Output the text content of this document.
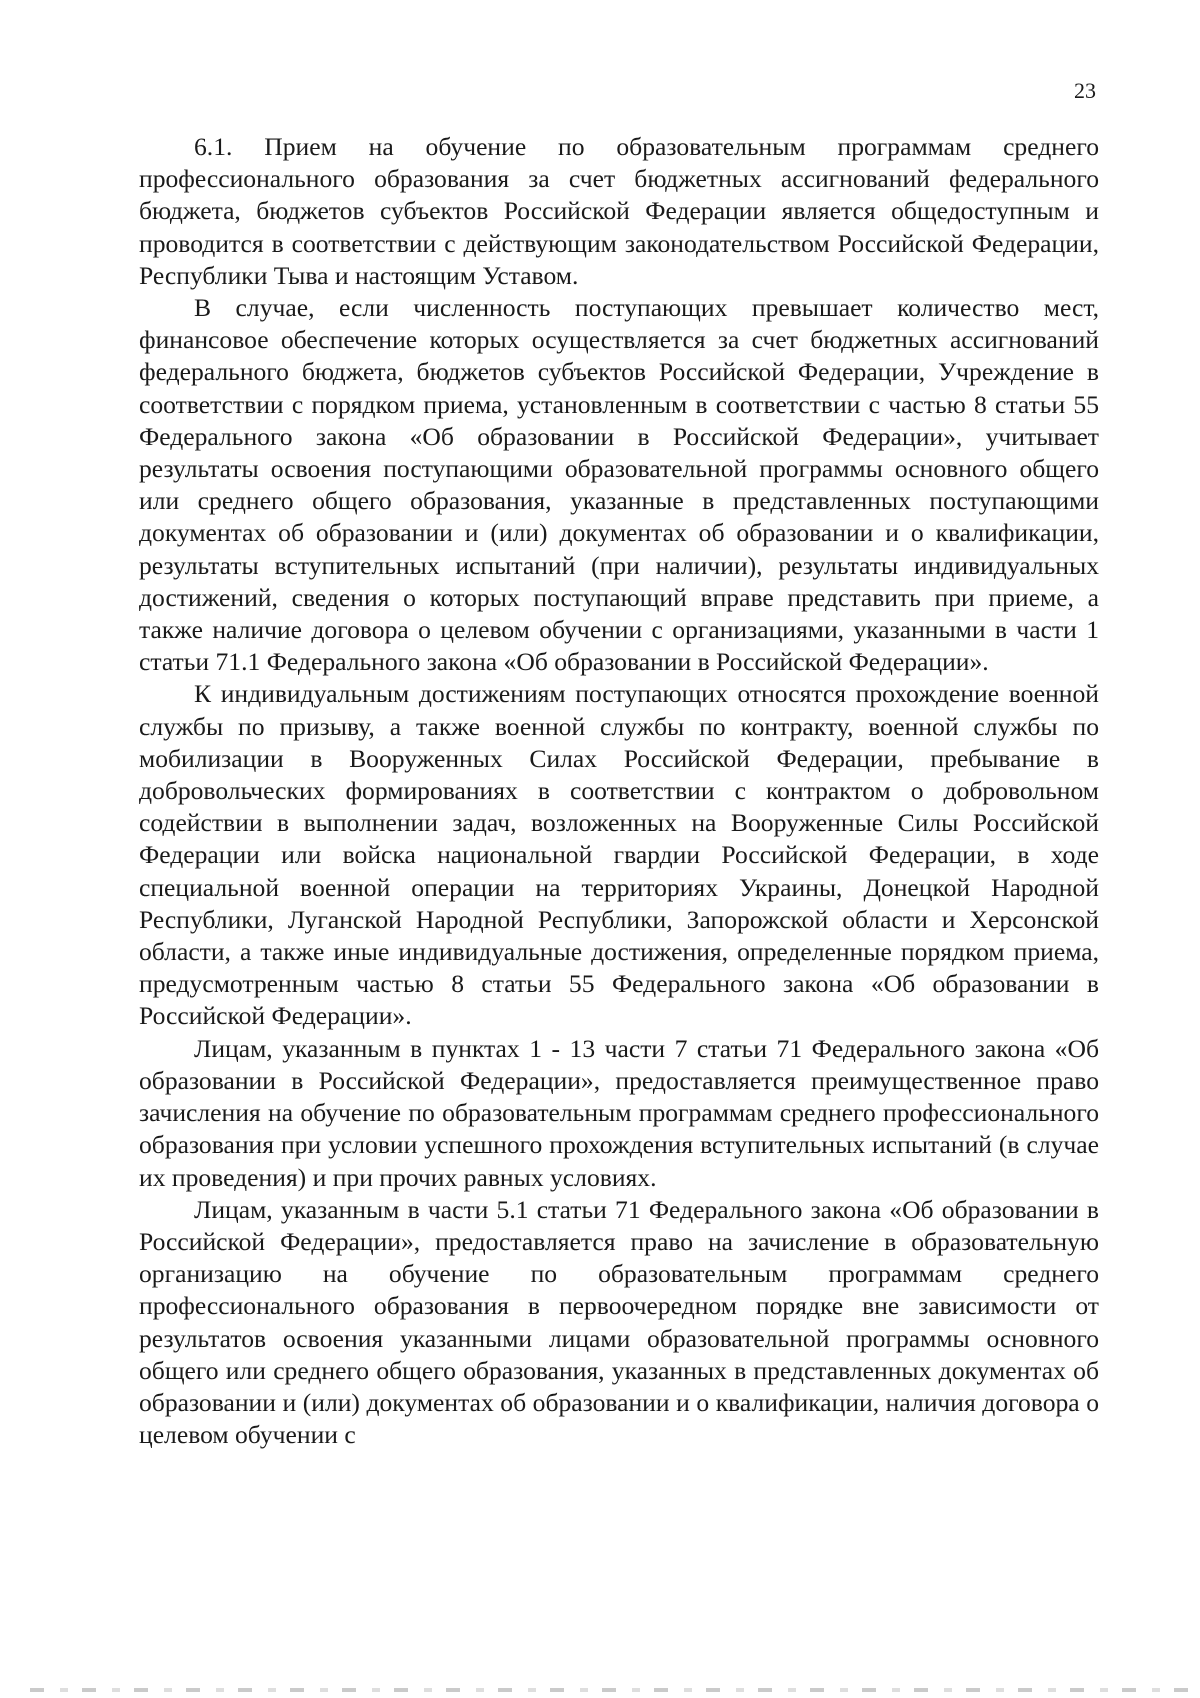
23

6.1. Прием на обучение по образовательным программам среднего профессионального образования за счет бюджетных ассигнований федерального бюджета, бюджетов субъектов Российской Федерации является общедоступным и проводится в соответствии с действующим законодательством Российской Федерации, Республики Тыва и настоящим Уставом.

В случае, если численность поступающих превышает количество мест, финансовое обеспечение которых осуществляется за счет бюджетных ассигнований федерального бюджета, бюджетов субъектов Российской Федерации, Учреждение в соответствии с порядком приема, установленным в соответствии с частью 8 статьи 55 Федерального закона «Об образовании в Российской Федерации», учитывает результаты освоения поступающими образовательной программы основного общего или среднего общего образования, указанные в представленных поступающими документах об образовании и (или) документах об образовании и о квалификации, результаты вступительных испытаний (при наличии), результаты индивидуальных достижений, сведения о которых поступающий вправе представить при приеме, а также наличие договора о целевом обучении с организациями, указанными в части 1 статьи 71.1 Федерального закона «Об образовании в Российской Федерации».

К индивидуальным достижениям поступающих относятся прохождение военной службы по призыву, а также военной службы по контракту, военной службы по мобилизации в Вооруженных Силах Российской Федерации, пребывание в добровольческих формированиях в соответствии с контрактом о добровольном содействии в выполнении задач, возложенных на Вооруженные Силы Российской Федерации или войска национальной гвардии Российской Федерации, в ходе специальной военной операции на территориях Украины, Донецкой Народной Республики, Луганской Народной Республики, Запорожской области и Херсонской области, а также иные индивидуальные достижения, определенные порядком приема, предусмотренным частью 8 статьи 55 Федерального закона «Об образовании в Российской Федерации».

Лицам, указанным в пунктах 1 - 13 части 7 статьи 71 Федерального закона «Об образовании в Российской Федерации», предоставляется преимущественное право зачисления на обучение по образовательным программам среднего профессионального образования при условии успешного прохождения вступительных испытаний (в случае их проведения) и при прочих равных условиях.

Лицам, указанным в части 5.1 статьи 71 Федерального закона «Об образовании в Российской Федерации», предоставляется право на зачисление в образовательную организацию на обучение по образовательным программам среднего профессионального образования в первоочередном порядке вне зависимости от результатов освоения указанными лицами образовательной программы основного общего или среднего общего образования, указанных в представленных документах об образовании и (или) документах об образовании и о квалификации, наличия договора о целевом обучении с
